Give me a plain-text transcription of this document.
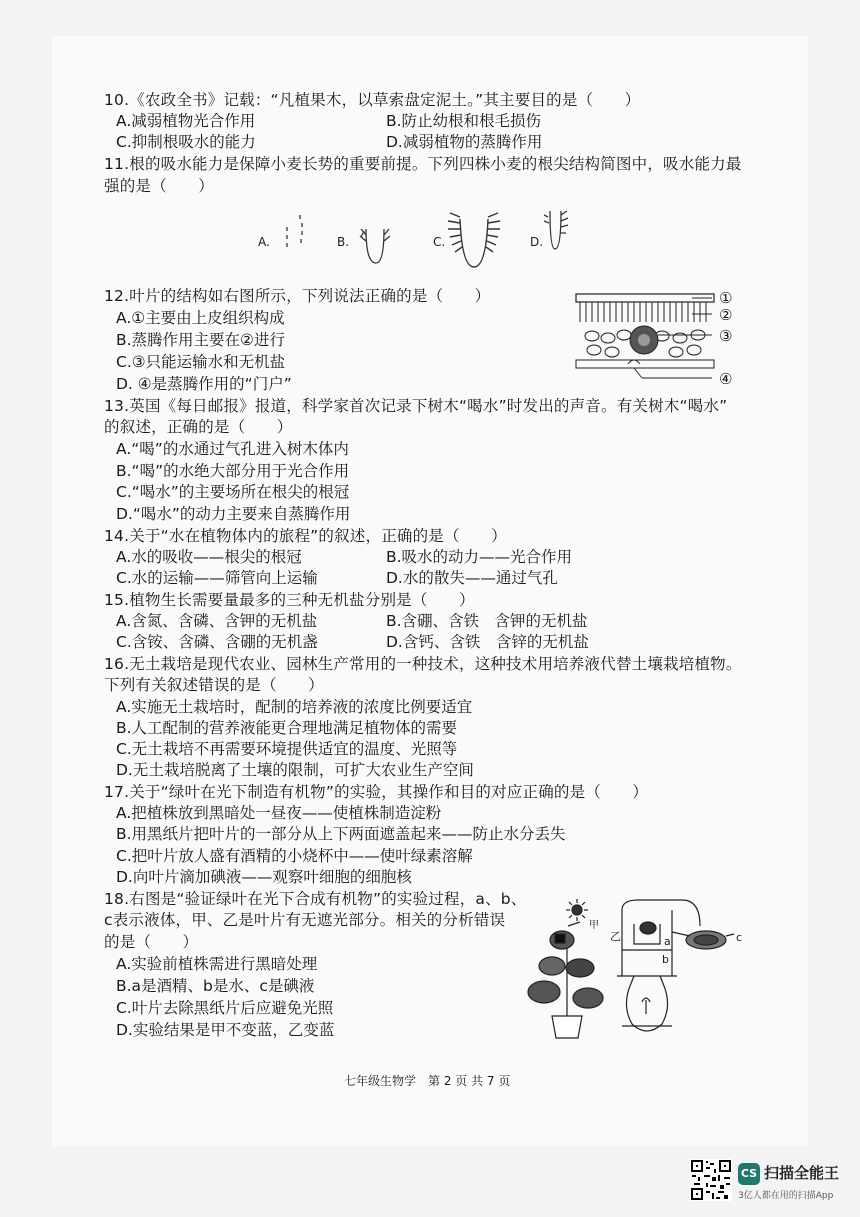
10.《农政全书》记载：“凡植果木，以草索盘定泥土。”其主要目的是（　　）
A.减弱植物光合作用	B.防止幼根和根毛损伤
C.抑制根吸水的能力	D.减弱植物的蒸腾作用
11.根的吸水能力是保障小麦长势的重要前提。下列四株小麦的根尖结构简图中，吸水能力最
强的是（　　）
A.	B.	C.	D.
12.叶片的结构如右图所示，下列说法正确的是（　　）
A.①主要由上皮组织构成
B.蒸腾作用主要在②进行
C.③只能运输水和无机盐
D. ④是蒸腾作用的“门户”
①
②
③
④
13.英国《每日邮报》报道，科学家首次记录下树木“喝水”时发出的声音。有关树木“喝水”
的叙述，正确的是（　　）
A.“喝”的水通过气孔进入树木体内
B.“喝”的水绝大部分用于光合作用
C.“喝水”的主要场所在根尖的根冠
D.“喝水”的动力主要来自蒸腾作用
14.关于“水在植物体内的旅程”的叙述，正确的是（　　）
A.水的吸收——根尖的根冠	B.吸水的动力——光合作用
C.水的运输——筛管向上运输	D.水的散失——通过气孔
15.植物生长需要量最多的三种无机盐分别是（　　）
A.含氮、含磷、含钾的无机盐	B.含硼、含铁　含钾的无机盐
C.含铵、含磷、含硼的无机盏	D.含钙、含铁　含锌的无机盐
16.无土栽培是现代农业、园林生产常用的一种技术，这种技术用培养液代替土壤栽培植物。
下列有关叙述错误的是（　　）
A.实施无土栽培时，配制的培养液的浓度比例要适宜
B.人工配制的营养液能更合理地满足植物体的需要
C.无土栽培不再需要环境提供适宜的温度、光照等
D.无土栽培脱离了土壤的限制，可扩大农业生产空间
17.关于“绿叶在光下制造有机物”的实验，其操作和目的对应正确的是（　　）
A.把植株放到黑暗处一昼夜——使植株制造淀粉
B.用黑纸片把叶片的一部分从上下两面遮盖起来——防止水分丢失
C.把叶片放人盛有酒精的小烧杯中——使叶绿素溶解
D.向叶片滴加碘液——观察叶细胞的细胞核
18.右图是“验证绿叶在光下合成有机物”的实验过程，a、b、
c表示液体，甲、乙是叶片有无遮光部分。相关的分析错误
的是（　　）
A.实验前植株需进行黑暗处理
B.a是酒精、b是水、c是碘液
C.叶片去除黑纸片后应避免光照
D.实验结果是甲不变蓝，乙变蓝
甲
乙	a
b
c
七年级生物学　第 2 页 共 7 页
CS 扫描全能王
3亿人都在用的扫描App
